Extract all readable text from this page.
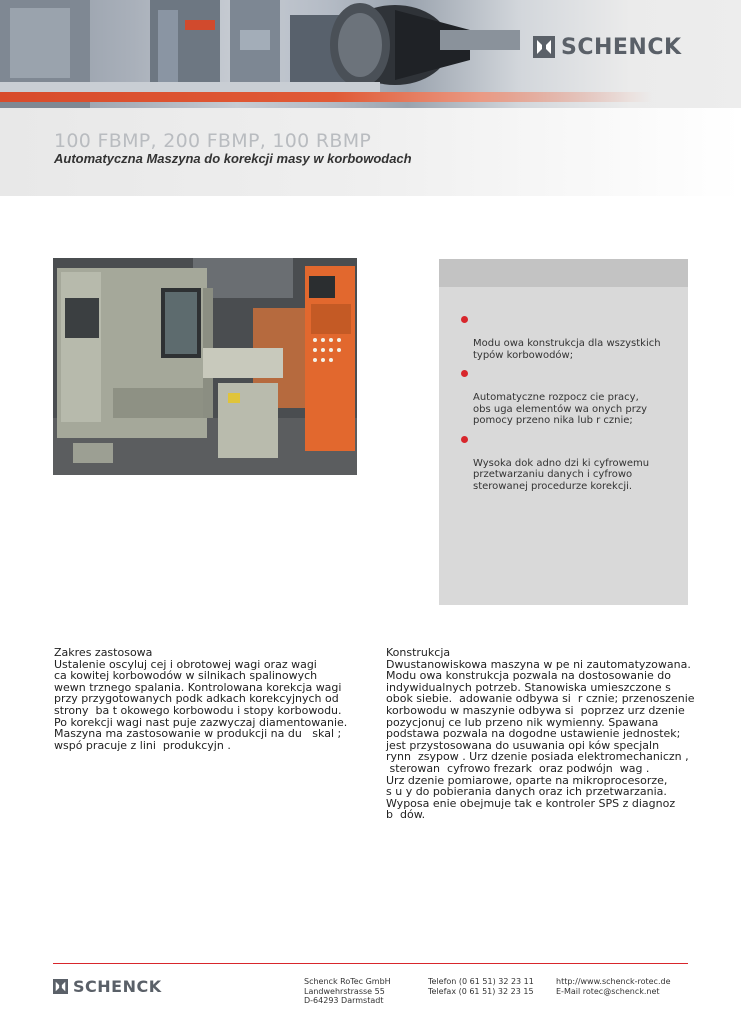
SCHENCK
100 FBMP, 200 FBMP, 100 RBMP
Automatyczna Maszyna do korekcji masy w korbowodach

Modu owa konstrukcja dla wszystkich
typów korbowodów;

Automatyczne rozpocz cie pracy,
obs uga elementów wa onych przy
pomocy przeno nika lub r cznie;

Wysoka dok adno dzi ki cyfrowemu
przetwarzaniu danych i cyfrowo
sterowanej procedurze korekcji.

Zakres zastosowa

Ustalenie oscyluj cej i obrotowej wagi oraz wagi

ca kowitej korbowodów w silnikach spalinowych

wewn trznego spalania. Kontrolowana korekcja wagi

przy przygotowanych podk adkach korekcyjnych od

strony  ba t okowego korbowodu i stopy korbowodu.

Po korekcji wagi nast puje zazwyczaj diamentowanie.

Maszyna ma zastosowanie w produkcji na du   skal ;

wspó pracuje z lini  produkcyjn .

Konstrukcja

Dwustanowiskowa maszyna w pe ni zautomatyzowana.

Modu owa konstrukcja pozwala na dostosowanie do

indywidualnych potrzeb. Stanowiska umieszczone s

obok siebie.  adowanie odbywa si  r cznie; przenoszenie

korbowodu w maszynie odbywa si  poprzez urz dzenie

pozycjonuj ce lub przeno nik wymienny. Spawana

podstawa pozwala na dogodne ustawienie jednostek;

jest przystosowana do usuwania opi ków specjaln

rynn  zsypow . Urz dzenie posiada elektromechaniczn ,

sterowan  cyfrowo frezark  oraz podwójn  wag .

Urz dzenie pomiarowe, oparte na mikroprocesorze,

s u y do pobierania danych oraz ich przetwarzania.

Wyposa enie obejmuje tak e kontroler SPS z diagnoz

b  dów.

SCHENCK	Schenck RoTec GmbH
Landwehrstrasse 55
D-64293 Darmstadt
Telefon (0 61 51) 32 23 11
Telefax (0 61 51) 32 23 15
http://www.schenck-rotec.de
E-Mail rotec@schenck.net
